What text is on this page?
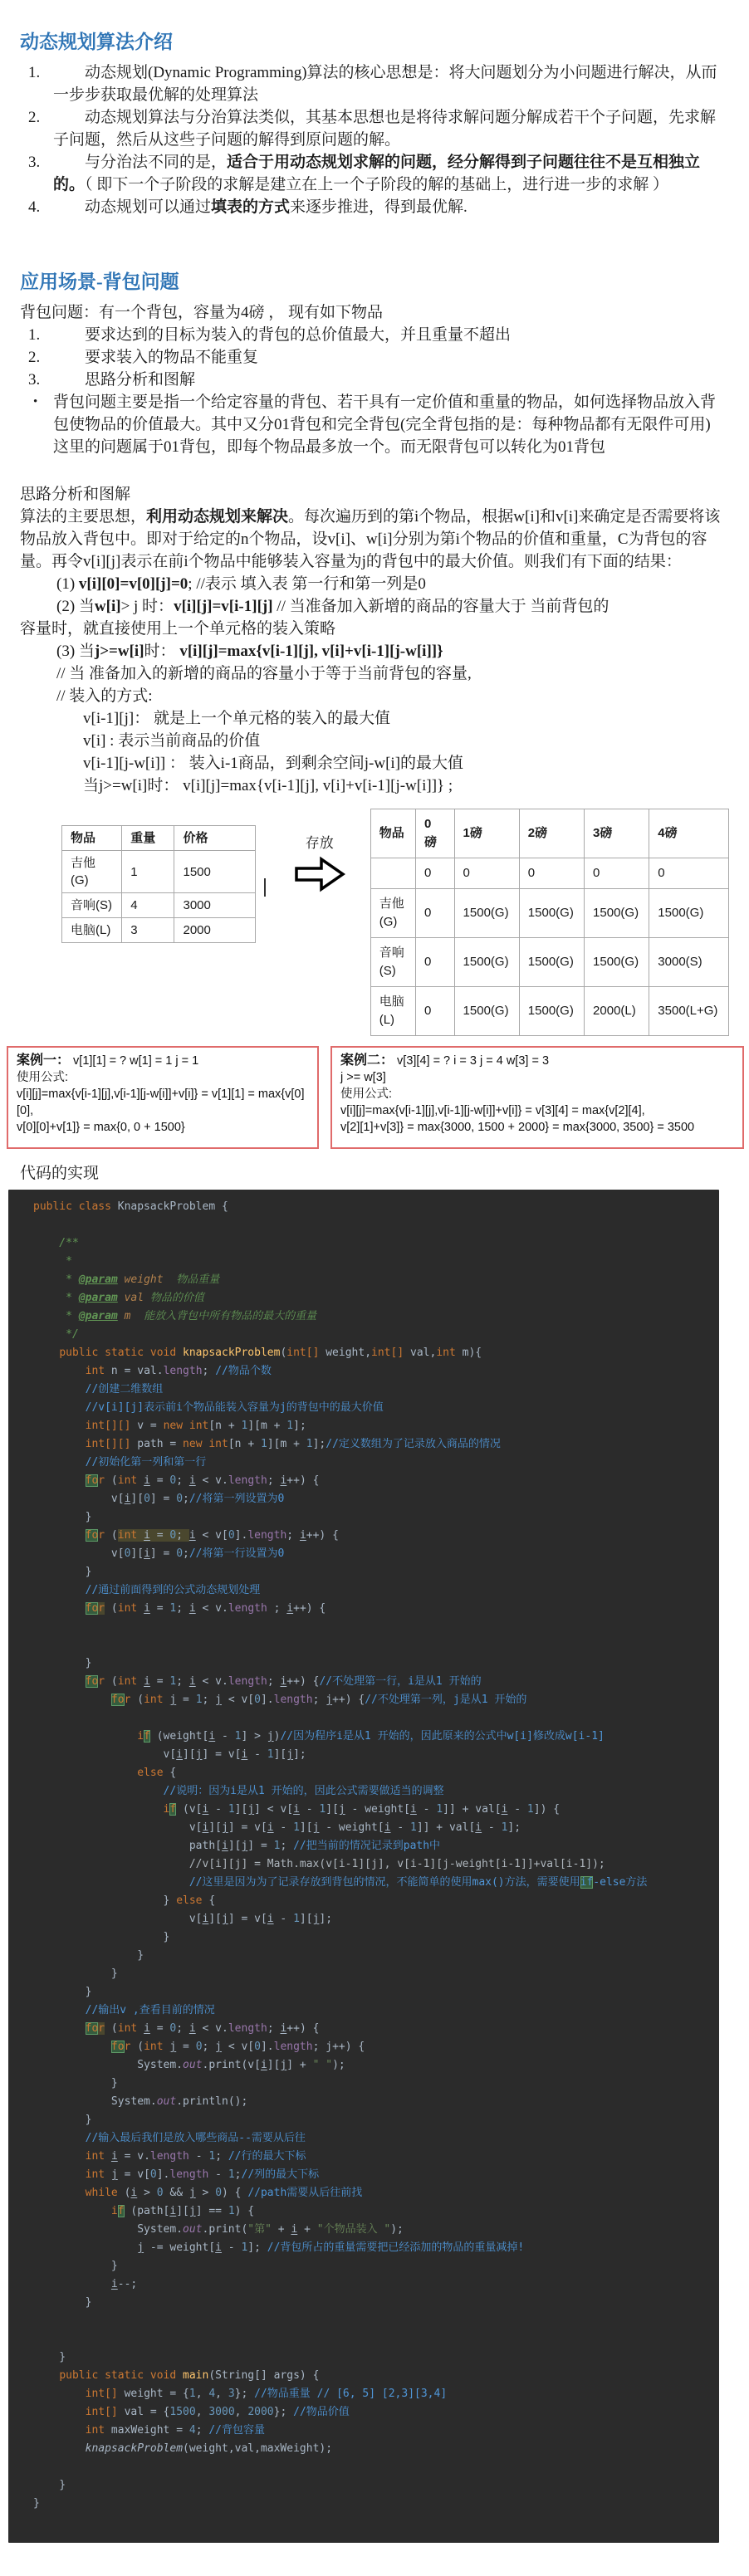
动态规划算法介绍
1.	动态规划(Dynamic Programming)算法的核心思想是：将大问题划分为小问题进行解决，从而一步步获取最优解的处理算法
2.	动态规划算法与分治算法类似，其基本思想也是将待求解问题分解成若干个子问题，先求解子问题，然后从这些子问题的解得到原问题的解。
3.	与分治法不同的是，适合于用动态规划求解的问题，经分解得到子问题往往不是互相独立的。（ 即下一个子阶段的求解是建立在上一个子阶段的解的基础上，进行进一步的求解 ）
4.	动态规划可以通过填表的方式来逐步推进，得到最优解.
应用场景-背包问题

背包问题：有一个背包，容量为4磅 ， 现有如下物品

1.	要求达到的目标为装入的背包的总价值最大，并且重量不超出
2.	要求装入的物品不能重复
3.	思路分析和图解
• 背包问题主要是指一个给定容量的背包、若干具有一定价值和重量的物品，如何选择物品放入背包使物品的价值最大。其中又分01背包和完全背包(完全背包指的是：每种物品都有无限件可用)
这里的问题属于01背包，即每个物品最多放一个。而无限背包可以转化为01背包
思路分析和图解

算法的主要思想，利用动态规划来解决。每次遍历到的第i个物品，根据w[i]和v[i]来确定是否需要将该物品放入背包中。即对于给定的n个物品，设v[i]、w[i]分别为第i个物品的价值和重量，C为背包的容量。再令v[i][j]表示在前i个物品中能够装入容量为j的背包中的最大价值。则我们有下面的结果：

(1) v[i][0]=v[0][j]=0; //表示 填入表 第一行和第一列是0
(2) 当w[i]> j 时：v[i][j]=v[i-1][j] // 当准备加入新增的商品的容量大于 当前背包的
容量时，就直接使用上一个单元格的装入策略
(3) 当j>=w[i]时： v[i][j]=max{v[i-1][j], v[i]+v[i-1][j-w[i]]}
// 当 准备加入的新增的商品的容量小于等于当前背包的容量,
// 装入的方式:
v[i-1][j]： 就是上一个单元格的装入的最大值
v[i] : 表示当前商品的价值
v[i-1][j-w[i]] ： 装入i-1商品，到剩余空间j-w[i]的最大值
当j>=w[i]时： v[i][j]=max{v[i-1][j], v[i]+v[i-1][j-w[i]]} ;
物品	重量	价格
吉他(G)	1	1500
音响(S)	4	3000
电脑(L)	3	2000
存放
物品	0 磅	1磅	2磅	3磅	4磅
	0	0	0	0	0
吉他(G)	0	1500(G)	1500(G)	1500(G)	1500(G)
音响(S)	0	1500(G)	1500(G)	1500(G)	3000(S)
电脑(L)	0	1500(G)	1500(G)	2000(L)	3500(L+G)
案例一： v[1][1] = ? w[1] = 1 j = 1
使用公式:
v[i][j]=max{v[i-1][j],v[i-1][j-w[i]]+v[i]} = v[1][1] = max{v[0][0],
v[0][0]+v[1]} = max{0, 0 + 1500}
案例二： v[3][4] = ? i = 3 j = 4 w[3] = 3
j >= w[3]
使用公式:
v[i][j]=max{v[i-1][j],v[i-1][j-w[i]]+v[i]} = v[3][4] = max{v[2][4],
v[2][1]+v[3]} = max{3000, 1500 + 2000} = max{3000, 3500} = 3500
代码的实现
public class KnapsackProblem {

/**
*
* @param weight  物品重量
* @param val 物品的价值
* @param m  能放入背包中所有物品的最大的重量
*/
public static void knapsackProblem(int[] weight,int[] val,int m){
int n = val.length; //物品个数
//创建二维数组
//v[i][j]表示前i个物品能装入容量为j的背包中的最大价值
int[][] v = new int[n + 1][m + 1];
int[][] path = new int[n + 1][m + 1];//定义数组为了记录放入商品的情况
//初始化第一列和第一行
for (int i = 0; i < v.length; i++) {
v[i][0] = 0;//将第一列设置为0
}
for (int i = 0; i < v[0].length; i++) {
v[0][i] = 0;//将第一行设置为0
}
//通过前面得到的公式动态规划处理
for (int i = 1; i < v.length ; i++) {

}
for (int i = 1; i < v.length; i++) {//不处理第一行，i是从1 开始的
for (int j = 1; j < v[0].length; j++) {//不处理第一列，j是从1 开始的

if (weight[i - 1] > j)//因为程序i是从1 开始的，因此原来的公式中w[i]修改成w[i-1]
v[i][j] = v[i - 1][j];
else {
//说明：因为i是从1 开始的，因此公式需要做适当的调整
if (v[i - 1][j] < v[i - 1][j - weight[i - 1]] + val[i - 1]) {
v[i][j] = v[i - 1][j - weight[i - 1]] + val[i - 1];
path[i][j] = 1; //把当前的情况记录到path中
//v[i][j] = Math.max(v[i-1][j], v[i-1][j-weight[i-1]]+val[i-1]);
//这里是因为为了记录存放到背包的情况，不能简单的使用max()方法，需要使用if-else方法
} else {
v[i][j] = v[i - 1][j];
}
}
}
}
//输出v ,查看目前的情况
for (int i = 0; i < v.length; i++) {
for (int j = 0; j < v[0].length; j++) {
System.out.print(v[i][j] + " ");
}
System.out.println();
}
//输入最后我们是放入哪些商品--需要从后往
int i = v.length - 1; //行的最大下标
int j = v[0].length - 1;//列的最大下标
while (i > 0 && j > 0) { //path需要从后往前找
if (path[i][j] == 1) {
System.out.print("第" + i + "个物品装入 ");
j -= weight[i - 1]; //背包所占的重量需要把已经添加的物品的重量减掉!
}
i--;
}

}
public static void main(String[] args) {
int[] weight = {1, 4, 3}; //物品重量 // [6, 5] [2,3][3,4]
int[] val = {1500, 3000, 2000}; //物品价值
int maxWeight = 4; //背包容量
knapsackProblem(weight,val,maxWeight);

}
}
